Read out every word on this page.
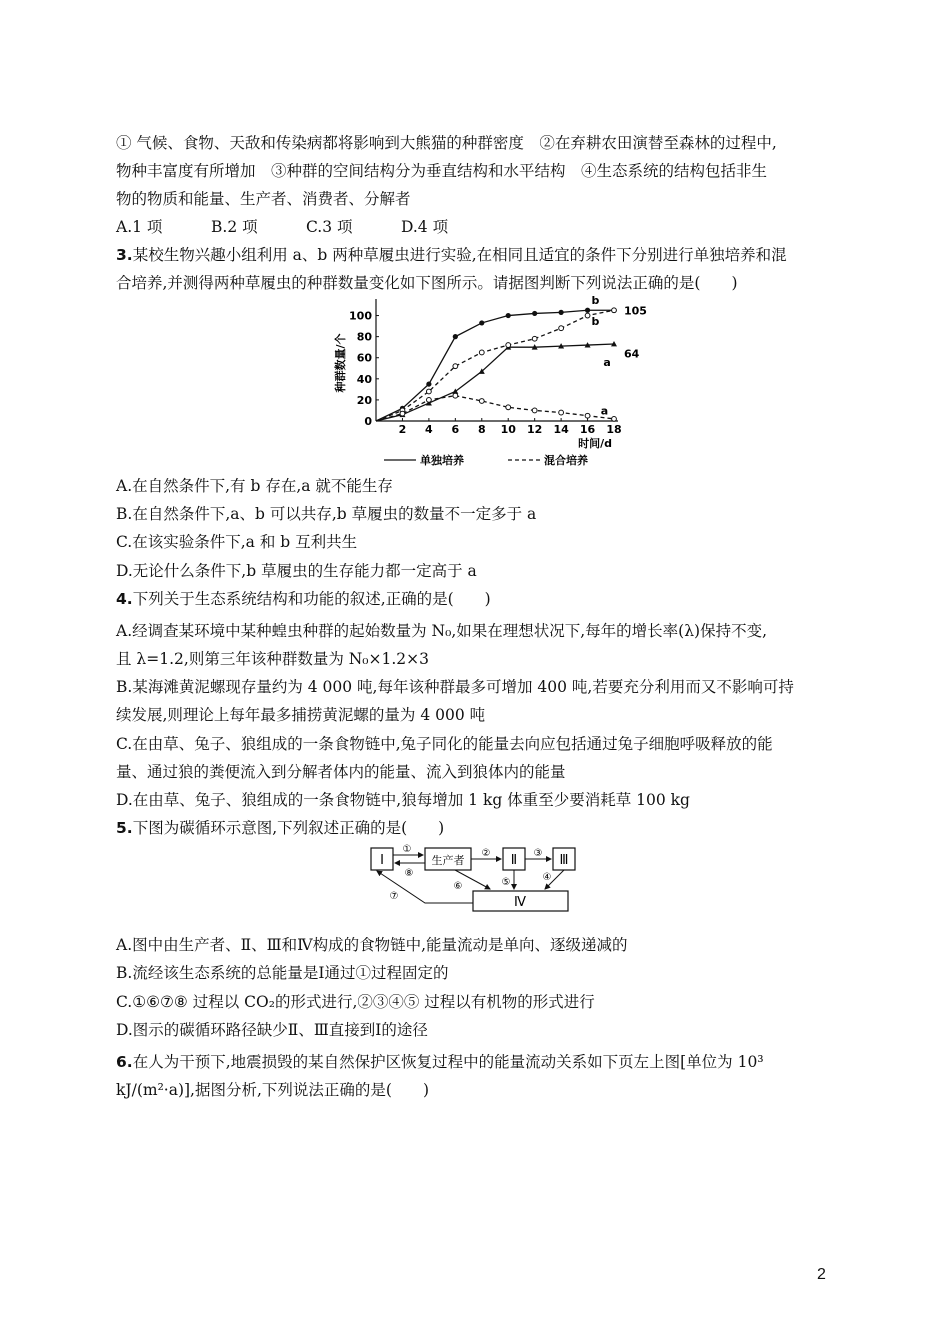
① 气候、食物、天敌和传染病都将影响到大熊猫的种群密度　②在弃耕农田演替至森林的过程中,
物种丰富度有所增加　③种群的空间结构分为垂直结构和水平结构　④生态系统的结构包括非生
物的物质和能量、生产者、消费者、分解者
A.1 项	B.2 项	C.3 项	D.4 项
3.某校生物兴趣小组利用 a、b 两种草履虫进行实验,在相同且适宜的条件下分别进行单独培养和混
合培养,并测得两种草履虫的种群数量变化如下图所示。请据图判断下列说法正确的是(　　)
2 4 6 8 10 12 14 16 18
0
20
40
60
80
100
种群数量/个
时间/d
b
b
a
a
105
64
单独培养	混合培养
A.在自然条件下,有 b 存在,a 就不能生存
B.在自然条件下,a、b 可以共存,b 草履虫的数量不一定多于 a
C.在该实验条件下,a 和 b 互利共生
D.无论什么条件下,b 草履虫的生存能力都一定高于 a
4.下列关于生态系统结构和功能的叙述,正确的是(　　)
A.经调查某环境中某种蝗虫种群的起始数量为 N₀,如果在理想状况下,每年的增长率(λ)保持不变,
且 λ=1.2,则第三年该种群数量为 N₀×1.2×3
B.某海滩黄泥螺现存量约为 4 000 吨,每年该种群最多可增加 400 吨,若要充分利用而又不影响可持
续发展,则理论上每年最多捕捞黄泥螺的量为 4 000 吨
C.在由草、兔子、狼组成的一条食物链中,兔子同化的能量去向应包括通过兔子细胞呼吸释放的能
量、通过狼的粪便流入到分解者体内的能量、流入到狼体内的能量
D.在由草、兔子、狼组成的一条食物链中,狼每增加 1 kg 体重至少要消耗草 100 kg
5.下图为碳循环示意图,下列叙述正确的是(　　)
Ⅰ	生产者	Ⅱ	Ⅲ
Ⅳ
①
⑧
②	③
⑤	④
⑥
⑦
A.图中由生产者、Ⅱ、Ⅲ和Ⅳ构成的食物链中,能量流动是单向、逐级递减的
B.流经该生态系统的总能量是Ⅰ通过①过程固定的
C.①⑥⑦⑧ 过程以 CO₂的形式进行,②③④⑤ 过程以有机物的形式进行
D.图示的碳循环路径缺少Ⅱ、Ⅲ直接到Ⅰ的途径
6.在人为干预下,地震损毁的某自然保护区恢复过程中的能量流动关系如下页左上图[单位为 10³
kJ/(m²·a)],据图分析,下列说法正确的是(　　)
2
